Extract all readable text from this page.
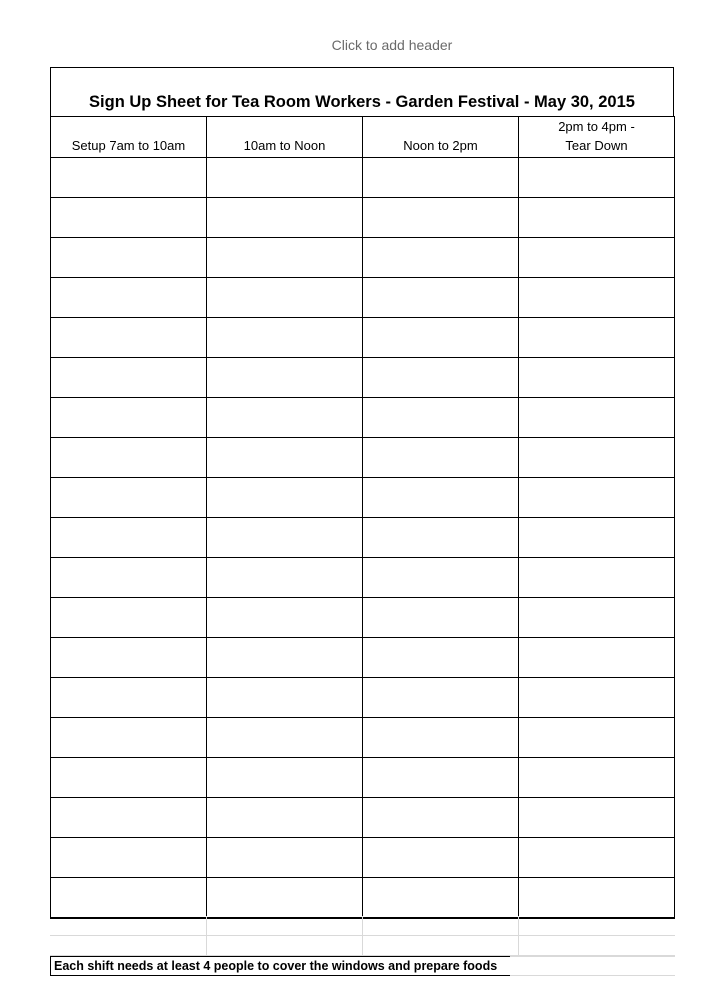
Click to add header
Sign Up Sheet for Tea Room Workers - Garden Festival - May 30, 2015
Setup 7am to 10am	10am to Noon	Noon to 2pm	2pm to 4pm -
Tear Down

Each shift needs at least 4 people to cover the windows and prepare foods
